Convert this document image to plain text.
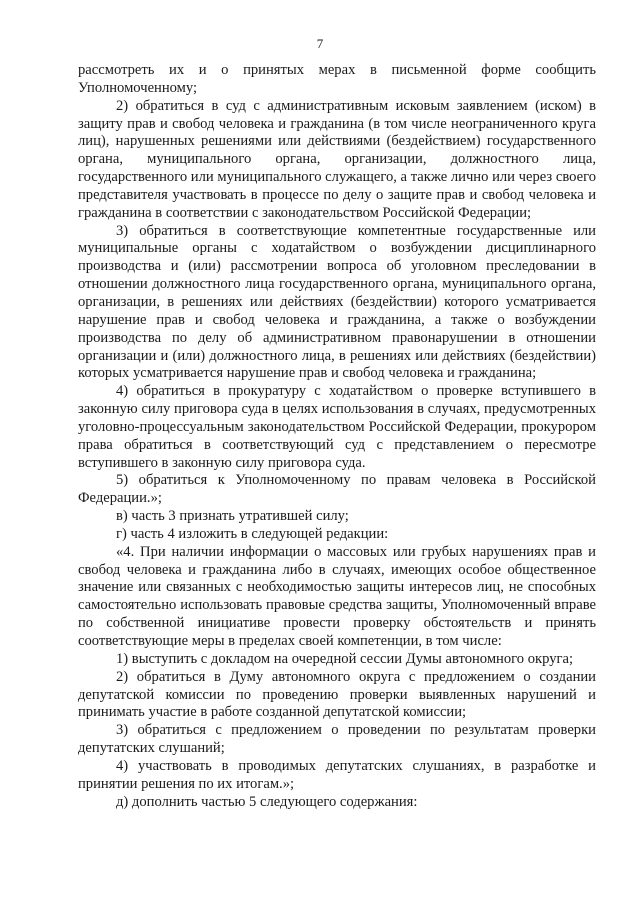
7

рассмотреть их и о принятых мерах в письменной форме сообщить Уполномоченному;

2) обратиться в суд с административным исковым заявлением (иском) в защиту прав и свобод человека и гражданина (в том числе неограниченного круга лиц), нарушенных решениями или действиями (бездействием) государственного органа, муниципального органа, организации, должностного лица, государственного или муниципального служащего, а также лично или через своего представителя участвовать в процессе по делу о защите прав и свобод человека и гражданина в соответствии с законодательством Российской Федерации;

3) обратиться в соответствующие компетентные государственные или муниципальные органы с ходатайством о возбуждении дисциплинарного производства и (или) рассмотрении вопроса об уголовном преследовании в отношении должностного лица государственного органа, муниципального органа, организации, в решениях или действиях (бездействии) которого усматривается нарушение прав и свобод человека и гражданина, а также о возбуждении производства по делу об административном правонарушении в отношении организации и (или) должностного лица, в решениях или действиях (бездействии) которых усматривается нарушение прав и свобод человека и гражданина;

4) обратиться в прокуратуру с ходатайством о проверке вступившего в законную силу приговора суда в целях использования в случаях, предусмотренных уголовно-процессуальным законодательством Российской Федерации, прокурором права обратиться в соответствующий суд с представлением о пересмотре вступившего в законную силу приговора суда.

5) обратиться к Уполномоченному по правам человека в Российской Федерации.»;

в) часть 3 признать утратившей силу;

г) часть 4 изложить в следующей редакции:

«4. При наличии информации о массовых или грубых нарушениях прав и свобод человека и гражданина либо в случаях, имеющих особое общественное значение или связанных с необходимостью защиты интересов лиц, не способных самостоятельно использовать правовые средства защиты, Уполномоченный вправе по собственной инициативе провести проверку обстоятельств и принять соответствующие меры в пределах своей компетенции, в том числе:

1) выступить с докладом на очередной сессии Думы автономного округа;

2) обратиться в Думу автономного округа с предложением о создании депутатской комиссии по проведению проверки выявленных нарушений и принимать участие в работе созданной депутатской комиссии;

3) обратиться с предложением о проведении по результатам проверки депутатских слушаний;

4) участвовать в проводимых депутатских слушаниях, в разработке и принятии решения по их итогам.»;

д) дополнить частью 5 следующего содержания:
